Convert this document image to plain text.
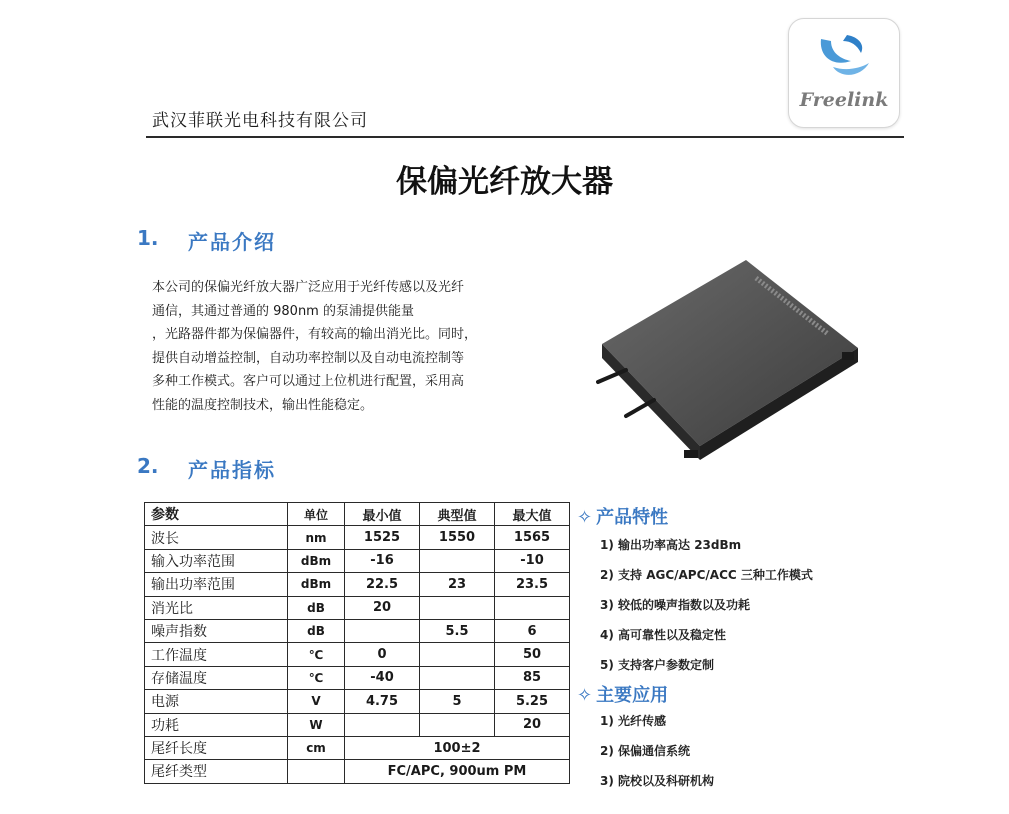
武汉菲联光电科技有限公司
Freelink
保偏光纤放大器
1. 产品介绍
本公司的保偏光纤放大器广泛应用于光纤传感以及光纤
通信，其通过普通的 980nm 的泵浦提供能量
，光路器件都为保偏器件，有较高的输出消光比。同时，
提供自动增益控制，自动功率控制以及自动电流控制等
多种工作模式。客户可以通过上位机进行配置，采用高
性能的温度控制技术，输出性能稳定。
2. 产品指标
参数	单位	最小值	典型值	最大值
波长	nm	1525	1550	1565
输入功率范围	dBm	-16		-10
输出功率范围	dBm	22.5	23	23.5
消光比	dB	20		
噪声指数	dB		5.5	6
工作温度	℃	0		50
存储温度	℃	-40		85
电源	V	4.75	5	5.25
功耗	W			20
尾纤长度	cm	100±2		
尾纤类型		FC/APC, 900um PM		
✧ 产品特性
1) 输出功率高达 23dBm
2) 支持 AGC/APC/ACC 三种工作模式
3) 较低的噪声指数以及功耗
4) 高可靠性以及稳定性
5) 支持客户参数定制
✧ 主要应用
1) 光纤传感
2) 保偏通信系统
3) 院校以及科研机构
